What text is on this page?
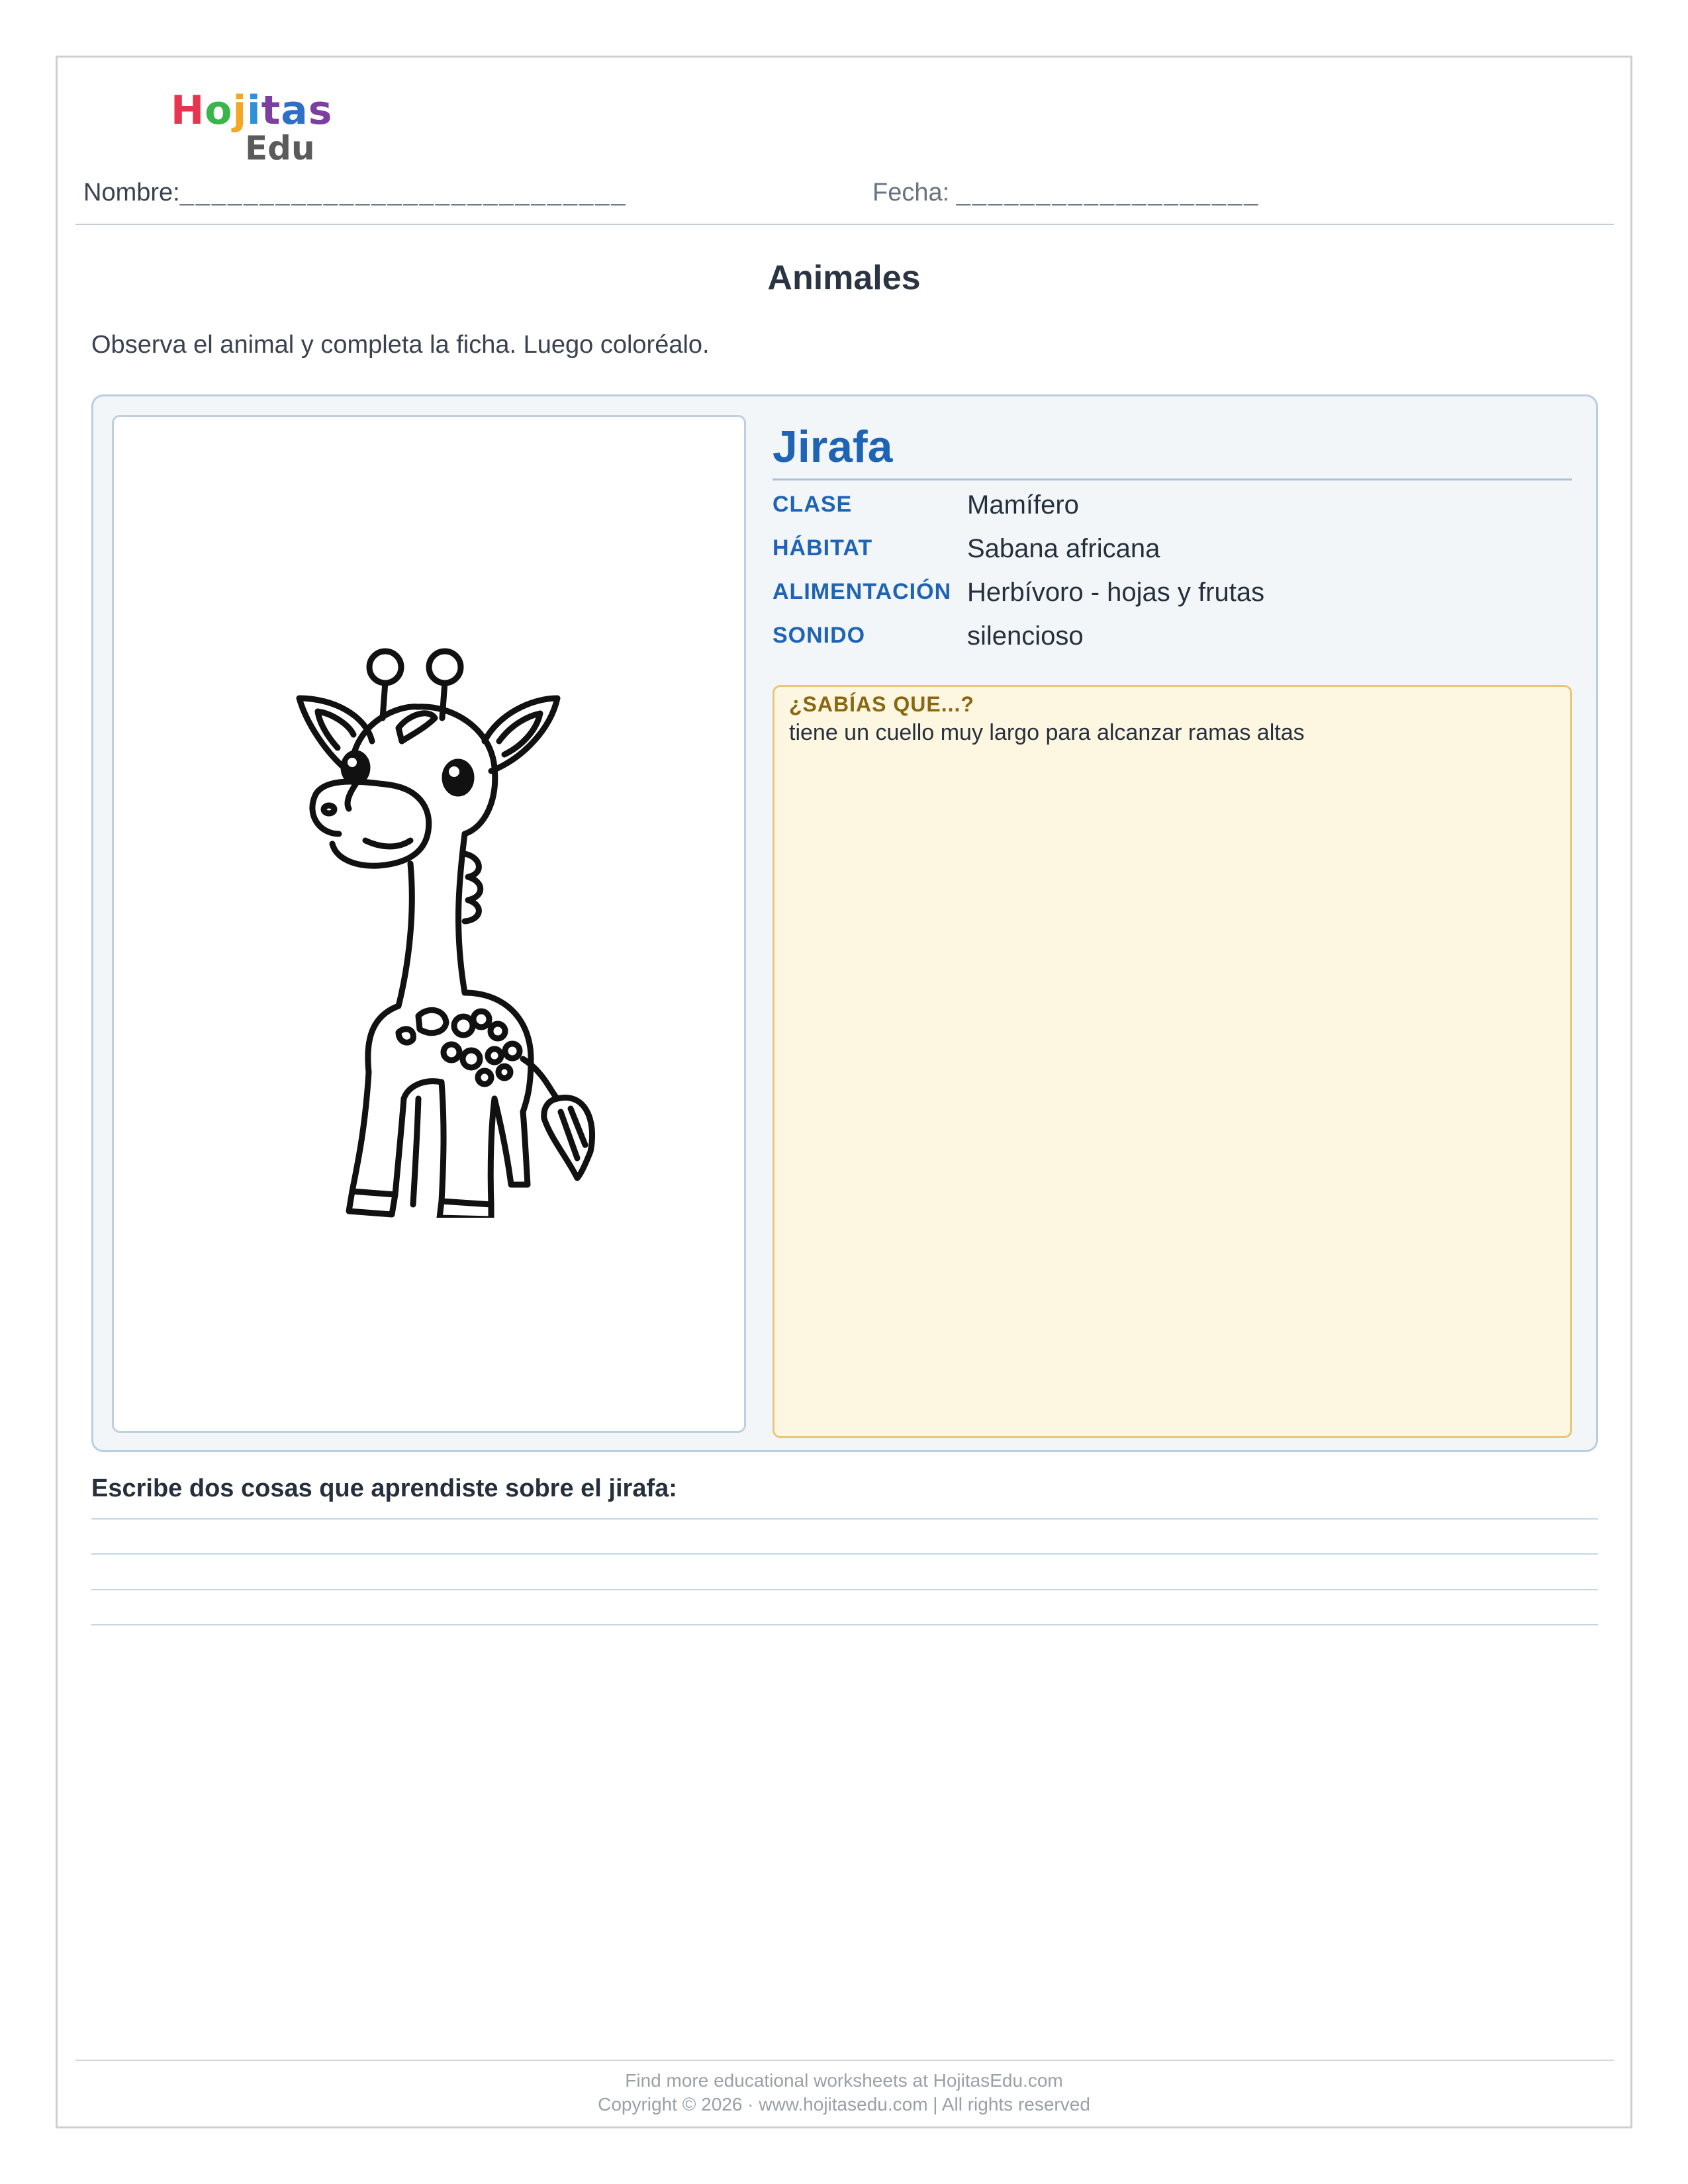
Hojitas
Edu
Nombre:____________________________	Fecha: ___________________
Animales
Observa el animal y completa la ficha. Luego coloréalo.
Jirafa
CLASE	Mamífero
HÁBITAT	Sabana africana
ALIMENTACIÓN Herbívoro - hojas y frutas
SONIDO	silencioso
¿SABÍAS QUE...?
tiene un cuello muy largo para alcanzar ramas altas
Escribe dos cosas que aprendiste sobre el jirafa:
Find more educational worksheets at HojitasEdu.com
Copyright © 2026 · www.hojitasedu.com | All rights reserved
